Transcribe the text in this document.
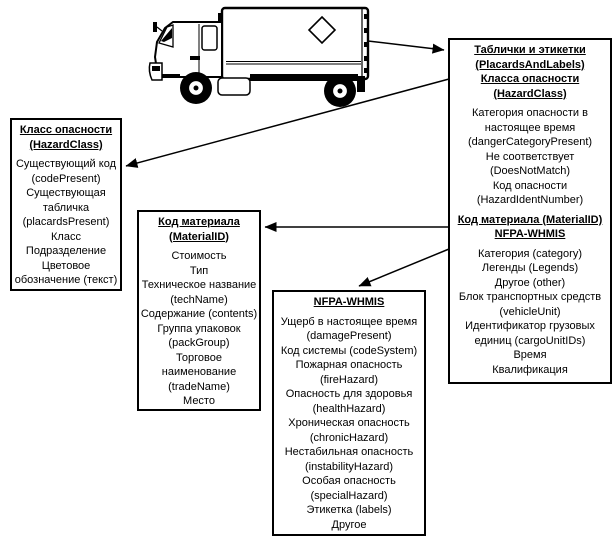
Класс опасности
(HazardClass)
Существующий код
(codePresent)
Существующая
табличка
(placardsPresent)
Класс
Подразделение
Цветовое
обозначение (текст)
Код материала
(MaterialID)
Стоимость
Тип
Техническое название
(techName)
Содержание (contents)
Группа упаковок
(packGroup)
Торговое
наименование
(tradeName)
Место
NFPA-WHMIS
Ущерб в настоящее время
(damagePresent)
Код системы (codeSystem)
Пожарная опасность
(fireHazard)
Опасность для здоровья
(healthHazard)
Хроническая опасность
(chronicHazard)
Нестабильная опасность
(instabilityHazard)
Особая опасность
(specialHazard)
Этикетка (labels)
Другое
Таблички и этикетки
(PlacardsAndLabels)
Класса опасности
(HazardClass)
Категория опасности в
настоящее время
(dangerCategoryPresent)
Не соответствует
(DoesNotMatch)
Код опасности
(HazardIdentNumber)
Код материала (MaterialID)
NFPA-WHMIS
Категория (category)
Легенды (Legends)
Другое (other)
Блок транспортных средств
(vehicleUnit)
Идентификатор грузовых
единиц (cargoUnitIDs)
Время
Квалификация
